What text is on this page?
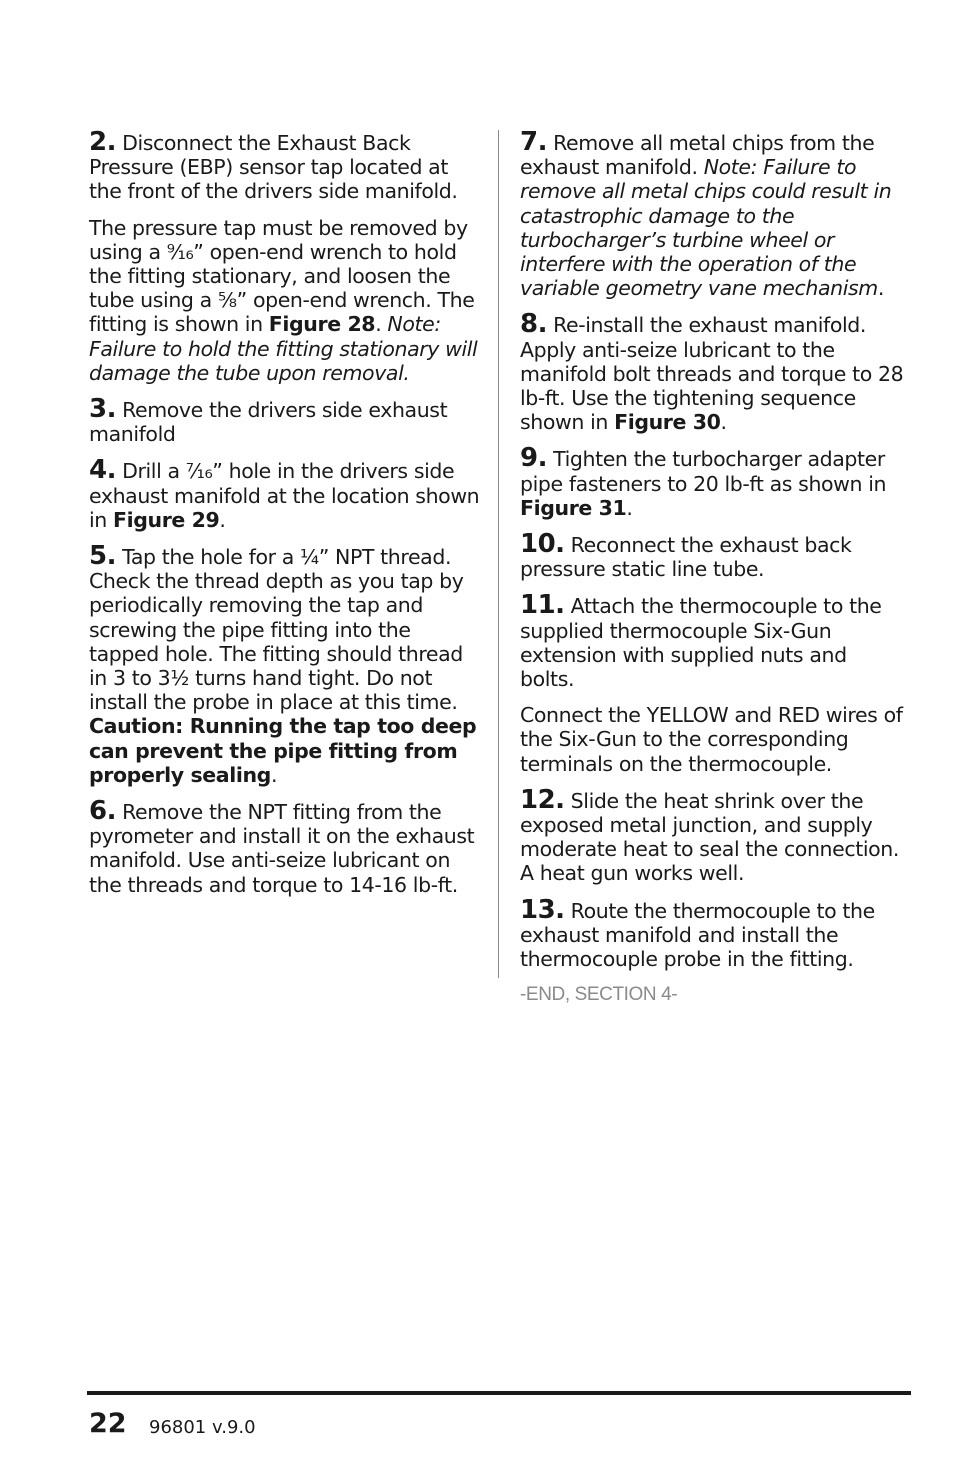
2. Disconnect the Exhaust Back Pressure (EBP) sensor tap located at the front of the drivers side manifold.

The pressure tap must be removed by using a ⁹⁄₁₆” open-end wrench to hold the fitting stationary, and loosen the tube using a ⁵⁄₈” open-end wrench. The fitting is shown in Figure 28. Note: Failure to hold the fitting stationary will damage the tube upon removal.

3. Remove the drivers side exhaust manifold

4. Drill a ⁷⁄₁₆” hole in the drivers side exhaust manifold at the location shown in Figure 29.

5. Tap the hole for a ¹⁄₄” NPT thread. Check the thread depth as you tap by periodically removing the tap and screwing the pipe fitting into the tapped hole. The fitting should thread in 3 to 3¹⁄₂ turns hand tight. Do not install the probe in place at this time. Caution: Running the tap too deep can prevent the pipe fitting from properly sealing.

6. Remove the NPT fitting from the pyrometer and install it on the exhaust manifold. Use anti-seize lubricant on the threads and torque to 14-16 lb-ft.

7. Remove all metal chips from the exhaust manifold. Note: Failure to remove all metal chips could result in catastrophic damage to the turbocharger’s turbine wheel or interfere with the operation of the variable geometry vane mechanism.

8. Re-install the exhaust manifold. Apply anti-seize lubricant to the manifold bolt threads and torque to 28 lb-ft. Use the tightening sequence shown in Figure 30.

9. Tighten the turbocharger adapter pipe fasteners to 20 lb-ft as shown in Figure 31.

10. Reconnect the exhaust back pressure static line tube.

11. Attach the thermocouple to the supplied thermocouple Six-Gun extension with supplied nuts and bolts.

Connect the YELLOW and RED wires of the Six-Gun to the corresponding terminals on the thermocouple.

12. Slide the heat shrink over the exposed metal junction, and supply moderate heat to seal the connection. A heat gun works well.

13. Route the thermocouple to the exhaust manifold and install the thermocouple probe in the fitting.

-END, SECTION 4-
22 96801 v.9.0
